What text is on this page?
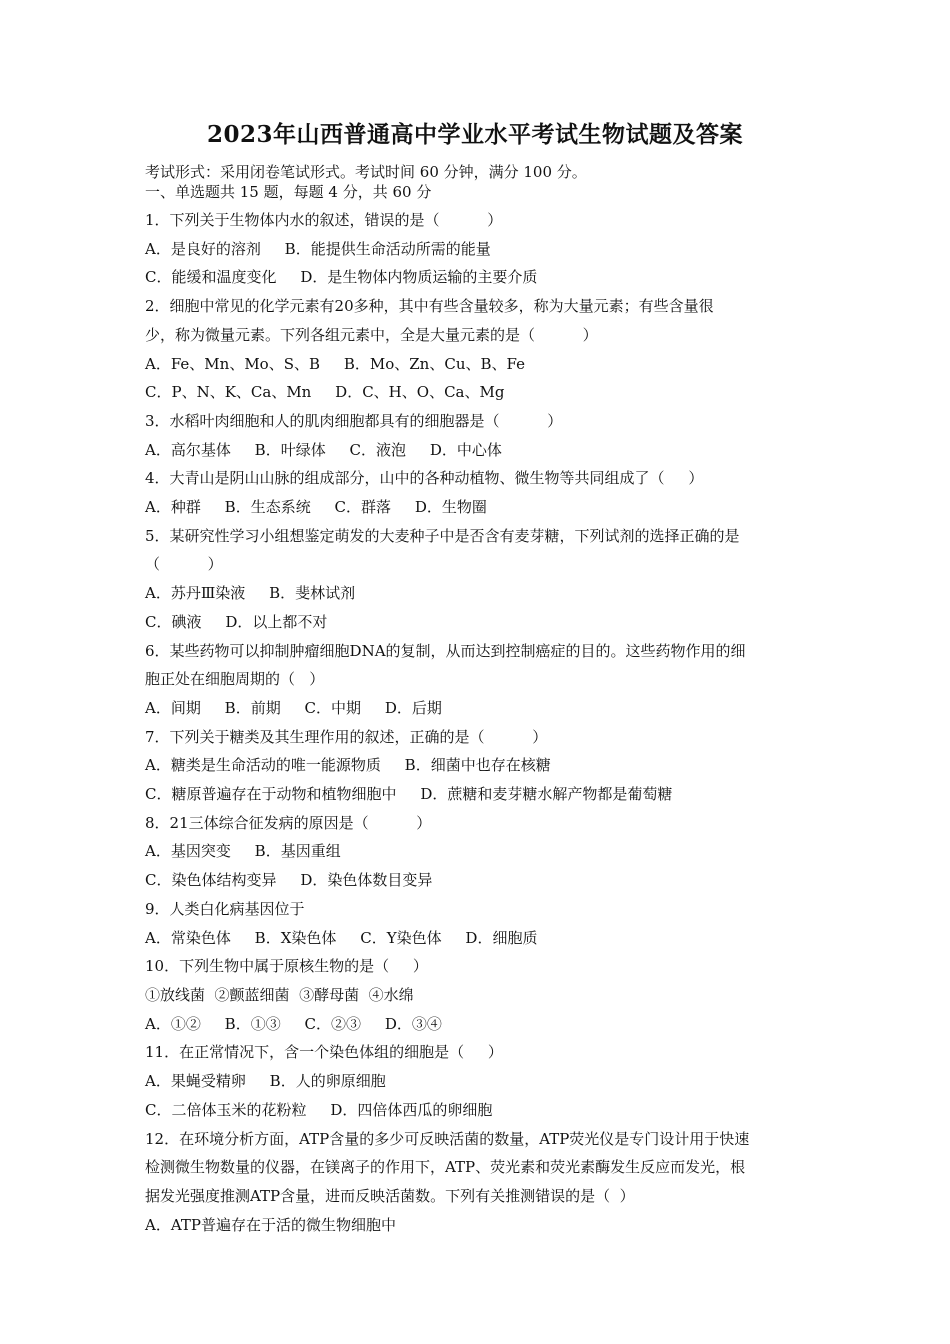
2023年山西普通高中学业水平考试生物试题及答案
考试形式：采用闭卷笔试形式。考试时间 60 分钟，满分 100 分。
一、单选题共 15 题，每题 4 分，共 60 分
1．下列关于生物体内水的叙述，错误的是（          ）
A．是良好的溶剂     B．能提供生命活动所需的能量
C．能缓和温度变化     D．是生物体内物质运输的主要介质
2．细胞中常见的化学元素有20多种，其中有些含量较多，称为大量元素；有些含量很
少，称为微量元素。下列各组元素中，全是大量元素的是（          ）
A．Fe、Mn、Mo、S、B     B．Mo、Zn、Cu、B、Fe
C．P、N、K、Ca、Mn     D．C、H、O、Ca、Mg
3．水稻叶肉细胞和人的肌肉细胞都具有的细胞器是（          ）
A．高尔基体     B．叶绿体     C．液泡     D．中心体
4．大青山是阴山山脉的组成部分，山中的各种动植物、微生物等共同组成了（     ）
A．种群     B．生态系统     C．群落     D．生物圈
5．某研究性学习小组想鉴定萌发的大麦种子中是否含有麦芽糖，下列试剂的选择正确的是
（          ）
A．苏丹Ⅲ染液     B．斐林试剂
C．碘液     D．以上都不对
6．某些药物可以抑制肿瘤细胞DNA的复制，从而达到控制癌症的目的。这些药物作用的细
胞正处在细胞周期的（   ）
A．间期     B．前期     C．中期     D．后期
7．下列关于糖类及其生理作用的叙述，正确的是（          ）
A．糖类是生命活动的唯一能源物质     B．细菌中也存在核糖
C．糖原普遍存在于动物和植物细胞中     D．蔗糖和麦芽糖水解产物都是葡萄糖
8．21三体综合征发病的原因是（          ）
A．基因突变     B．基因重组
C．染色体结构变异     D．染色体数目变异
9．人类白化病基因位于
A．常染色体     B．X染色体     C．Y染色体     D．细胞质
10．下列生物中属于原核生物的是（     ）
①放线菌  ②颤蓝细菌  ③酵母菌  ④水绵
A．①②     B．①③     C．②③     D．③④
11．在正常情况下，含一个染色体组的细胞是（     ）
A．果蝇受精卵     B．人的卵原细胞
C．二倍体玉米的花粉粒     D．四倍体西瓜的卵细胞
12．在环境分析方面，ATP含量的多少可反映活菌的数量，ATP荧光仪是专门设计用于快速
检测微生物数量的仪器，在镁离子的作用下，ATP、荧光素和荧光素酶发生反应而发光，根
据发光强度推测ATP含量，进而反映活菌数。下列有关推测错误的是（  ）
A．ATP普遍存在于活的微生物细胞中
